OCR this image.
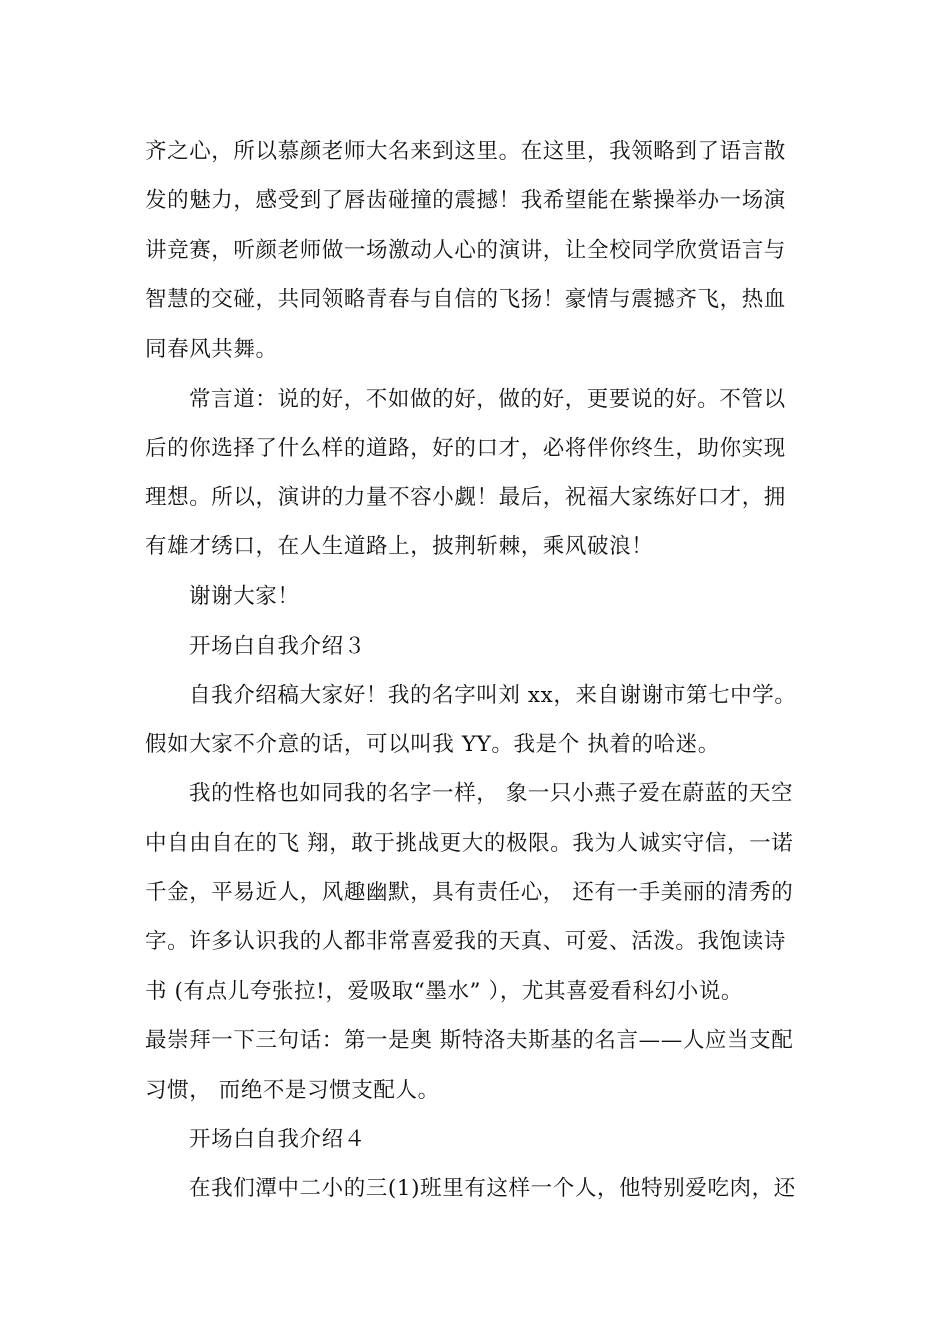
齐之心，所以慕颜老师大名来到这里。在这里，我领略到了语言散
发的魅力，感受到了唇齿碰撞的震撼！我希望能在紫操举办一场演
讲竞赛，听颜老师做一场激动人心的演讲，让全校同学欣赏语言与
智慧的交碰，共同领略青春与自信的飞扬！豪情与震撼齐飞，热血
同春风共舞。
常言道：说的好，不如做的好，做的好，更要说的好。不管以
后的你选择了什么样的道路，好的口才，必将伴你终生，助你实现
理想。所以，演讲的力量不容小觑！最后，祝福大家练好口才，拥
有雄才绣口，在人生道路上，披荆斩棘，乘风破浪！
谢谢大家！
开场白自我介绍３
自我介绍稿大家好！我的名字叫刘 xx，来自谢谢市第七中学。
假如大家不介意的话，可以叫我 YY。我是个 执着的哈迷。
我的性格也如同我的名字一样， 象一只小燕子爱在蔚蓝的天空
中自由自在的飞 翔，敢于挑战更大的极限。我为人诚实守信，一诺
千金，平易近人，风趣幽默，具有责任心， 还有一手美丽的清秀的
字。许多认识我的人都非常喜爱我的天真、可爱、活泼。我饱读诗
书 (有点儿夸张拉!，爱吸取“墨水” ），尤其喜爱看科幻小说。
最崇拜一下三句话：第一是奥 斯特洛夫斯基的名言——人应当支配
习惯， 而绝不是习惯支配人。
开场白自我介绍４
在我们潭中二小的三(1)班里有这样一个人，他特别爱吃肉，还
